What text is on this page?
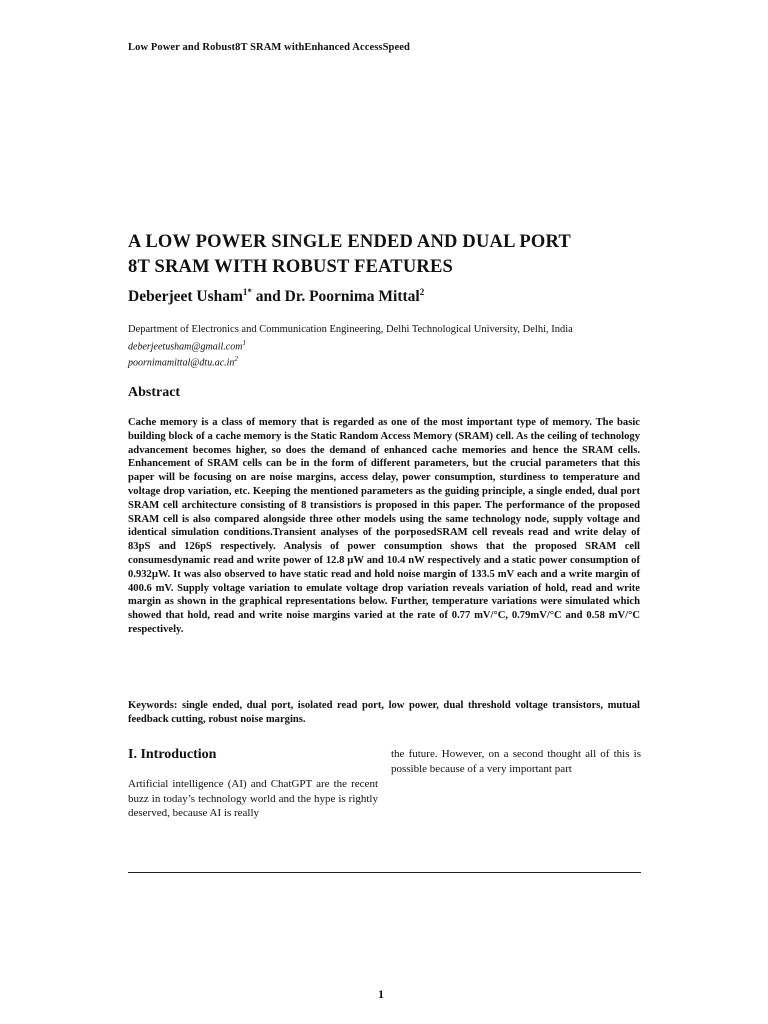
Low Power and Robust8T SRAM withEnhanced AccessSpeed
A LOW POWER SINGLE ENDED AND DUAL PORT
8T SRAM WITH ROBUST FEATURES
Deberjeet Usham$^{1*}$ and Dr. Poornima Mittal$^2$
Department of Electronics and Communication Engineering, Delhi Technological University, Delhi, India
deberjeetusham@gmail.com$^1$
$poornimamittal@dtu.ac.in^2$
Abstract
Cache memory is a class of memory that is regarded as one of the most important type of memory. The basic building block of a cache memory is the Static Random Access Memory (SRAM) cell. As the ceiling of technology advancement becomes higher, so does the demand of enhanced cache memories and hence the SRAM cells. Enhancement of SRAM cells can be in the form of different parameters, but the crucial parameters that this paper will be focusing on are noise margins, access delay, power consumption, sturdiness to temperature and voltage drop variation, etc. Keeping the mentioned parameters as the guiding principle, a single ended, dual port SRAM cell architecture consisting of 8 transistiors is proposed in this paper. The performance of the proposed SRAM cell is also compared alongside three other models using the same technology node, supply voltage and identical simulation conditions.Transient analyses of the porposedSRAM cell reveals read and write delay of 83pS and 126pS respectively. Analysis of power consumption shows that the proposed SRAM cell consumesdynamic read and write power of 12.8 µW and 10.4 nW respectively and a static power consumption of 0.932µW. It was also observed to have static read and hold noise margin of 133.5 mV each and a write margin of 400.6 mV. Supply voltage variation to emulate voltage drop variation reveals variation of hold, read and write margin as shown in the graphical representations below. Further, temperature variations were simulated which showed that hold, read and write noise margins varied at the rate of 0.77 mV/°C, 0.79mV/°C and 0.58 mV/°C respectively.
Keywords: single ended, dual port, isolated read port, low power, dual threshold voltage transistors, mutual feedback cutting, robust noise margins.
I. Introduction
Artificial intelligence (AI) and ChatGPT are the recent buzz in today’s technology world and the hype is rightly deserved, because AI is really
the future. However, on a second thought all of this is possible because of a very important part
1
